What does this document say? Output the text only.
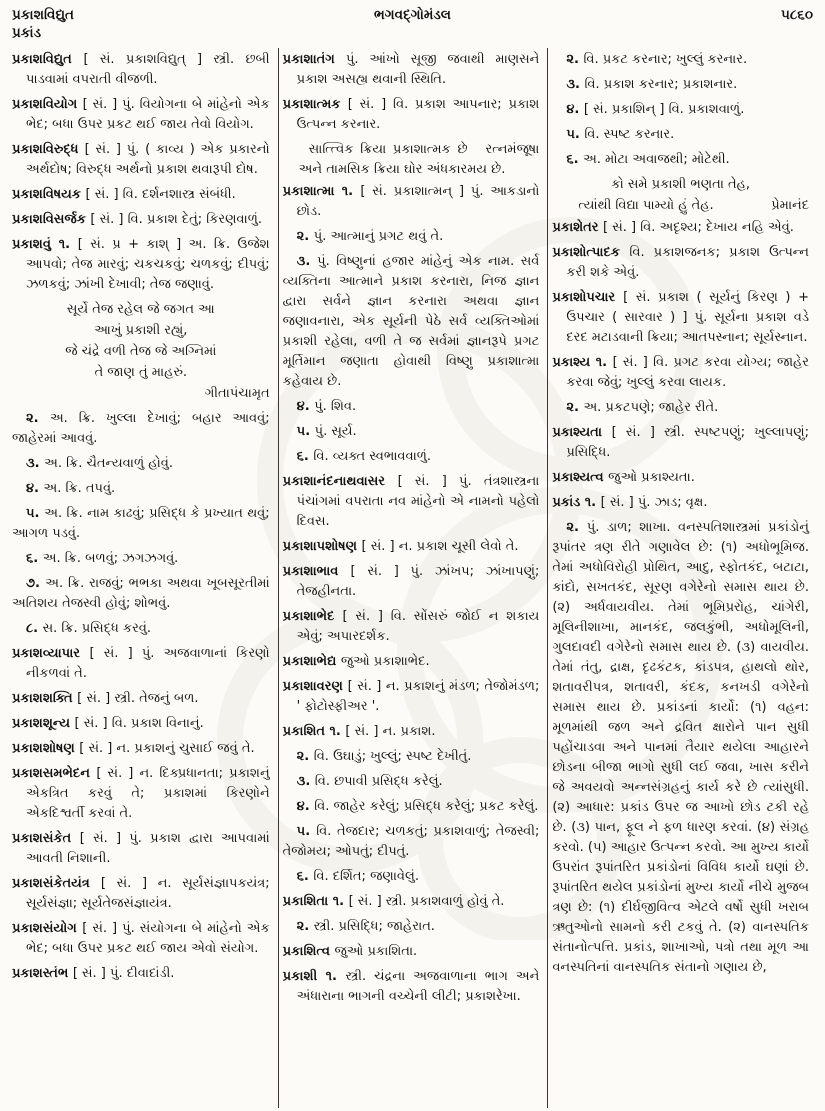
પ્રકાશવિદ્યુત
પ્રકાંડ
ભગવદ્ગોમંડલ	૫૮૬૦
પ્રકાશવિદ્યુત [ સં. પ્રકાશવિદ્યુત્ ] સ્ત્રી. છબી પાડવામાં વપરાતી વીજળી.
પ્રકાશવિયોગ [ સં. ] પું. વિયોગના બે માંહેનો એક ભેદ; બધા ઉપર પ્રકટ થઈ જાય તેવો વિયોગ.
પ્રકાશવિરુદ્ધ [ સં. ] પું. ( કાવ્ય ) એક પ્રકારનો અર્થદોષ; વિરુદ્ધ અર્થનો પ્રકાશ થવારૂપી દોષ.
પ્રકાશવિષયક [ સં. ] વિ. દર્શનશાસ્ત્ર સંબંધી.
પ્રકાશવિસર્જક [ સં. ] વિ. પ્રકાશ દેતું; કિરણવાળું.
પ્રકાશવું ૧. [ સં. પ્ર + કાશ્ ] અ. ક્રિ. ઉજેશ આપવો; તેજ મારવું; ચકચકવું; ચળકવું; દીપવું; ઝળકવું; ઝાંખી દેખાવી; તેજ જણાવું.
સૂર્યે તેજ રહેલ જે જગત આ
આખું પ્રકાશી રહ્યું,
જે ચંદ્રે વળી તેજ જે અગ્નિમાં
તે જાણ તું માહરું.
ગીતાપંચામૃત
૨. અ. ક્રિ. ખુલ્લા દેખાવું; બહાર આવવું; જાહેરમાં આવવું.
૩. અ. ક્રિ. ચૈતન્યવાળું હોવું.
૪. અ. ક્રિ. તપવું.
૫. અ. ક્રિ. નામ કાઢવું; પ્રસિદ્ધ કે પ્રખ્યાત થવું; આગળ પડવું.
૬. અ. ક્રિ. બળવું; ઝગઝગવું.
૭. અ. ક્રિ. રાજવું; ભભકા અથવા ખૂબસૂરતીમાં અતિશય તેજસ્વી હોવું; શોભવું.
૮. સ. ક્રિ. પ્રસિદ્ધ કરવું.
પ્રકાશવ્યાપાર [ સં. ] પું. અજવાળાનાં કિરણો નીકળવાં તે.
પ્રકાશશક્તિ [ સં. ] સ્ત્રી. તેજનું બળ.
પ્રકાશશૂન્ય [ સં. ] વિ. પ્રકાશ વિનાનું.
પ્રકાશશોષણ [ સં. ] ન. પ્રકાશનું ચુસાઈ જવું તે.
પ્રકાશસમભેદન [ સં. ] ન. દિક્પ્રધાનતા; પ્રકાશનું એકત્રિત કરવું તે; પ્રકાશમાં કિરણોને એકદિશ્વર્તી કરવાં તે.
પ્રકાશસંકેત [ સં. ] પું. પ્રકાશ દ્વારા આપવામાં આવતી નિશાની.
પ્રકાશસંકેતયંત્ર [ સં. ] ન. સૂર્યસંજ્ઞાપકયંત્ર; સૂર્યસંજ્ઞા; સૂર્યતેજસંજ્ઞાયંત્ર.
પ્રકાશસંયોગ [ સં. ] પું. સંયોગના બે માંહેનો એક ભેદ; બધા ઉપર પ્રકટ થઈ જાય એવો સંયોગ.
પ્રકાશસ્તંભ [ સં. ] પું. દીવાદાંડી.
પ્રકાશાતંગ પું. આંખો સૂજી જવાથી માણસને પ્રકાશ અસહ્ય થવાની સ્થિતિ.
પ્રકાશાત્મક [ સં. ] વિ. પ્રકાશ આપનાર; પ્રકાશ ઉત્પન્ન કરનાર.
રત્નમંજૂષા
સાત્ત્વિક ક્રિયા પ્રકાશાત્મક છે અને તામસિક ક્રિયા ઘોર અંધકારમય છે.
પ્રકાશાત્મા ૧. [ સં. પ્રકાશાત્મન્ ] પું. આકડાનો છોડ.
૨. પું. આત્માનું પ્રગટ થવું તે.
૩. પું. વિષ્ણુનાં હજાર માંહેનું એક નામ. સર્વ વ્યક્તિના આત્માને પ્રકાશ કરનારા, નિજ જ્ઞાન દ્વારા સર્વને જ્ઞાન કરનારા અથવા જ્ઞાન જણાવનારા, એક સૂર્યની પેઠે સર્વ વ્યક્તિઓમાં પ્રકાશી રહેલા, વળી તે જ સર્વમાં જ્ઞાનરૂપે પ્રગટ મૂર્તિમાન જણાતા હોવાથી વિષ્ણુ પ્રકાશાત્મા કહેવાય છે.
૪. પું. શિવ.
૫. પું. સૂર્ય.
૬. વિ. વ્યક્ત સ્વભાવવાળું.
પ્રકાશાનંદનાથવાસર [ સં. ] પું. તંત્રશાસ્ત્રના પંચાંગમાં વપરાતા નવ માંહેનો એ નામનો પહેલો દિવસ.
પ્રકાશાપશોષણ [ સં. ] ન. પ્રકાશ ચૂસી લેવો તે.
પ્રકાશાભાવ [ સં. ] પું. ઝાંખપ; ઝાંખાપણું; તેજહીનતા.
પ્રકાશાભેદ [ સં. ] વિ. સોંસરું જોઈ ન શકાય એવું; અપારદર્શક.
પ્રકાશાભેદ્ય જુઓ પ્રકાશાભેદ.
પ્રકાશાવરણ [ સં. ] ન. પ્રકાશનું મંડળ; તેજોમંડળ; ' ફોટોસ્ફીઅર '.
પ્રકાશિત ૧. [ સં. ] ન. પ્રકાશ.
૨. વિ. ઉઘાડું; ખુલ્લું; સ્પષ્ટ દેખીતું.
૩. વિ. છપાવી પ્રસિદ્ધ કરેલું.
૪. વિ. જાહેર કરેલું; પ્રસિદ્ધ કરેલું; પ્રકટ કરેલું.
૫. વિ. તેજદાર; ચળકતું; પ્રકાશવાળું; તેજસ્વી; તેજોમય; ઓપતું; દીપતું.
૬. વિ. દર્શિત; જણાવેલું.
પ્રકાશિતા ૧. [ સં. ] સ્ત્રી. પ્રકાશવાળું હોવું તે.
૨. સ્ત્રી. પ્રસિદ્ધિ; જાહેરાત.
પ્રકાશિત્વ જુઓ પ્રકાશિતા.
પ્રકાશી ૧. સ્ત્રી. ચંદ્રના અજવાળાના ભાગ અને અંધારાના ભાગની વચ્ચેની લીટી; પ્રકાશરેખા.
૨. વિ. પ્રકટ કરનાર; ખુલ્લું કરનાર.
૩. વિ. પ્રકાશ કરનાર; પ્રકાશનાર.
૪. [ સં. પ્રકાશિન્ ] વિ. પ્રકાશવાળું.
૫. વિ. સ્પષ્ટ કરનાર.
૬. અ. મોટા અવાજથી; મોટેથી.
કો સમે પ્રકાશી ભણતા તેહ,
પ્રેમાનંદ
ત્યાંથી વિદ્યા પામ્યો હું તેહ.
પ્રકાશેતર [ સં. ] વિ. અદૃશ્ય; દેખાય નહિ એવું.
પ્રકાશોત્પાદક વિ. પ્રકાશજનક; પ્રકાશ ઉત્પન્ન કરી શકે એવું.
પ્રકાશોપચાર [ સં. પ્રકાશ ( સૂર્યનું કિરણ ) + ઉપચાર ( સારવાર ) ] પું. સૂર્યના પ્રકાશ વડે દરદ મટાડવાની ક્રિયા; આતપસ્નાન; સૂર્યસ્નાન.
પ્રકાશ્ય ૧. [ સં. ] વિ. પ્રગટ કરવા યોગ્ય; જાહેર કરવા જેવું; ખુલ્લું કરવા લાયક.
૨. અ. પ્રકટપણે; જાહેર રીતે.
પ્રકાશ્યતા [ સં. ] સ્ત્રી. સ્પષ્ટપણું; ખુલ્લાપણું; પ્રસિદ્ધિ.
પ્રકાશ્યત્વ જુઓ પ્રકાશ્યતા.
પ્રકાંડ ૧. [ સં. ] પું. ઝાડ; વૃક્ષ.
૨. પું. ડાળ; શાખા. વનસ્પતિશાસ્ત્રમાં પ્રકાંડોનું રૂપાંતર ત્રણ રીતે ગણાવેલ છે: (૧) અધોભૂમિજ. તેમાં અધોવિરોહી પ્રોથિત, આદુ, સ્ફોતકંદ, બટાટા, કાંદો, સખતકંદ, સૂરણ વગેરેનો સમાસ થાય છે. (૨) અર્ધવાયવીય. તેમાં ભૂમિપ્રરોહ, ચાંગેરી, મૂલિનીશાખા, માનકંદ, જલકુંભી, અધોમૂલિની, ગુલદાવદી વગેરેનો સમાસ થાય છે. (૩) વાયવીય. તેમાં તંતુ, દ્રાક્ષ, દૃઢકંટક, કાંડપત્ર, હાથલો થોર, શતાવરીપત્ર, શતાવરી, કંદક, કનખડી વગેરેનો સમાસ થાય છે. પ્રકાંડનાં કાર્યો: (૧) વહન: મૂળમાંથી જળ અને દ્રવિત ક્ષારોને પાન સુધી પહોંચાડવા અને પાનમાં તૈયાર થયેલા આહારને છોડના બીજા ભાગો સુધી લઈ જવા, ખાસ કરીને જે અવયવો અન્નસંગ્રહનું કાર્ય કરે છે ત્યાંસુધી. (૨) આધાર: પ્રકાંડ ઉપર જ આખો છોડ ટકી રહે છે. (૩) પાન, ફૂલ ને ફળ ધારણ કરવાં. (૪) સંગ્રહ કરવો. (૫) આહાર ઉત્પન્ન કરવો. આ મુખ્ય કાર્યો ઉપરાંત રૂપાંતરિત પ્રકાંડોનાં વિવિધ કાર્યો ઘણાં છે. રૂપાંતરિત થયેલ પ્રકાંડોનાં મુખ્ય કાર્યો નીચે મુજબ ત્રણ છે: (૧) દીર્ઘજીવિત્વ એટલે વર્ષો સુધી ખરાબ ઋતુઓનો સામનો કરી ટકવું તે. (૨) વાનસ્પતિક સંતાનોત્પત્તિ. પ્રકાંડ, શાખાઓ, પત્રો તથા મૂળ આ વનસ્પતિનાં વાનસ્પતિક સંતાનો ગણાય છે,
